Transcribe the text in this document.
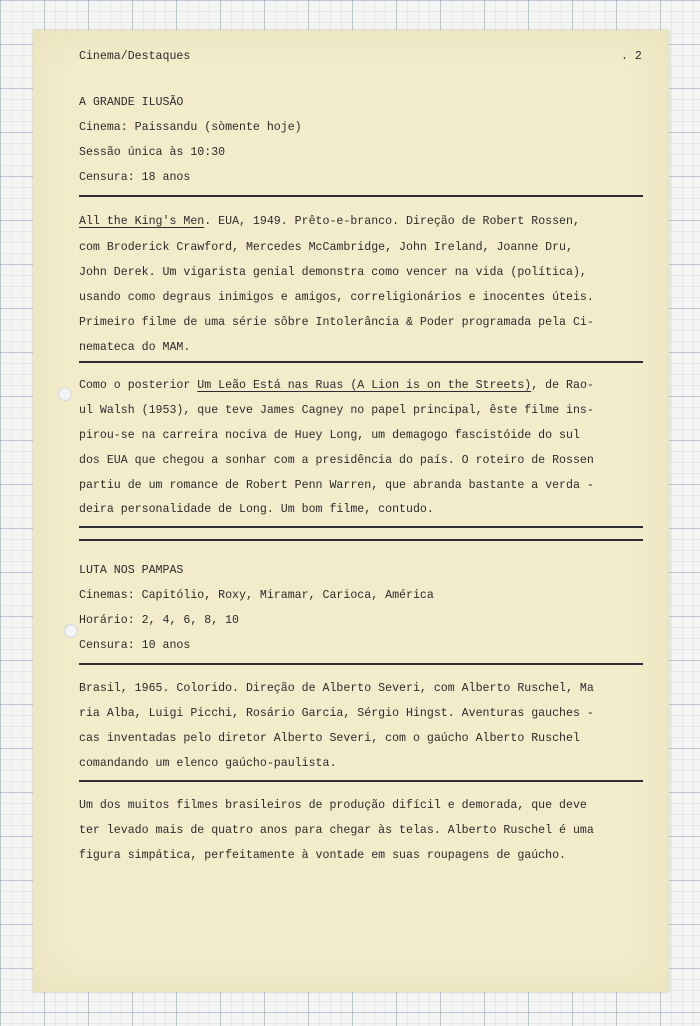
Cinema/Destaques	. 2
A GRANDE ILUSÃO
Cinema: Paissandu (sòmente hoje)
Sessão única às 10:30
Censura: 18 anos
All the King's Men. EUA, 1949. Prêto-e-branco. Direção de Robert Rossen,
com Broderick Crawford, Mercedes McCambridge, John Ireland, Joanne Dru,
John Derek. Um vigarista genial demonstra como vencer na vida (política),
usando como degraus inimigos e amigos, correligionários e inocentes úteis.
Primeiro filme de uma série sôbre Intolerância & Poder programada pela Ci-
nemateca do MAM.
Como o posterior Um Leão Está nas Ruas (A Lion is on the Streets), de Rao-
ul Walsh (1953), que teve James Cagney no papel principal, êste filme ins-
pirou-se na carreira nociva de Huey Long, um demagogo fascistóide do sul
dos EUA que chegou a sonhar com a presidência do país. O roteiro de Rossen
partiu de um romance de Robert Penn Warren, que abranda bastante a verda -
deira personalidade de Long. Um bom filme, contudo.
LUTA NOS PAMPAS
Cinemas: Capitólio, Roxy, Miramar, Carioca, América
Horário: 2, 4, 6, 8, 10
Censura: 10 anos
Brasil, 1965. Colorido. Direção de Alberto Severi, com Alberto Ruschel, Ma
ria Alba, Luigi Picchi, Rosário Garcia, Sérgio Hingst. Aventuras gauches -
cas inventadas pelo diretor Alberto Severi, com o gaúcho Alberto Ruschel
comandando um elenco gaúcho-paulista.
Um dos muitos filmes brasileiros de produção difícil e demorada, que deve
ter levado mais de quatro anos para chegar às telas. Alberto Ruschel é uma
figura simpática, perfeitamente à vontade em suas roupagens de gaúcho.
